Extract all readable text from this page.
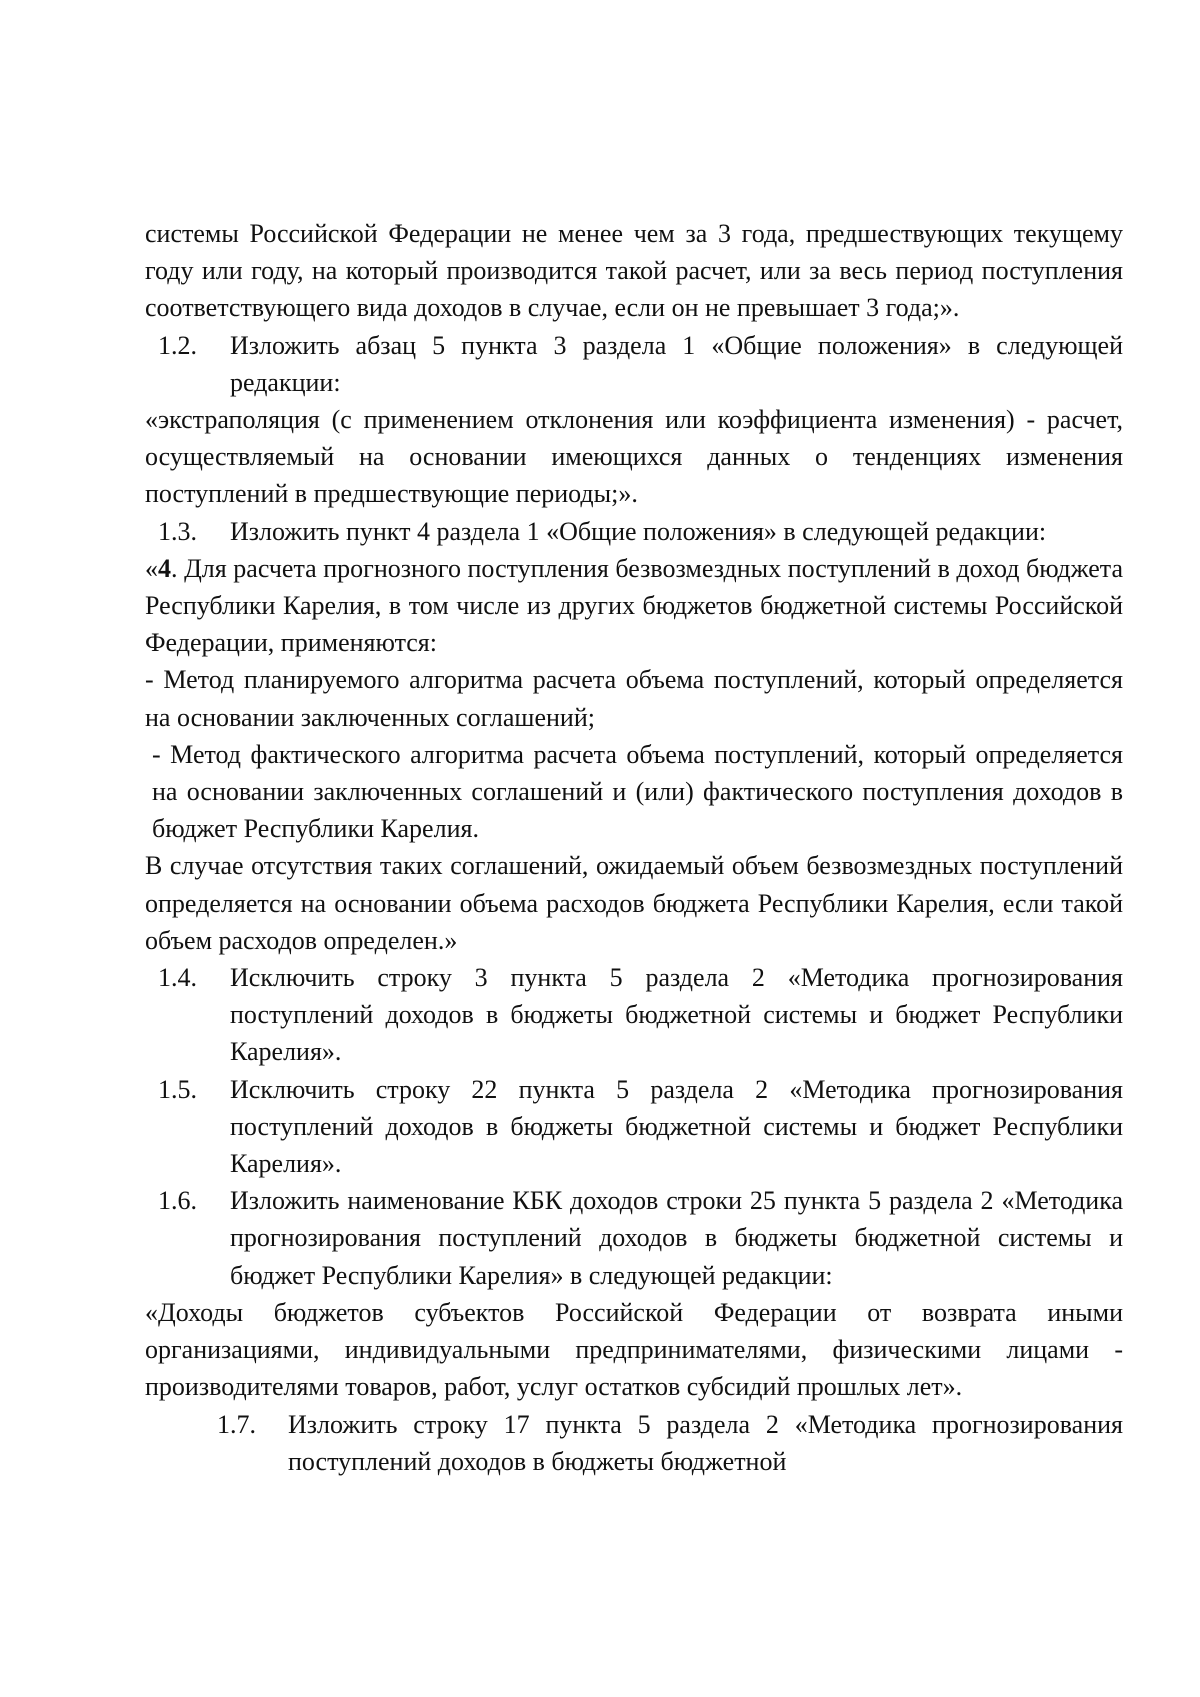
системы Российской Федерации не менее чем за 3 года, предшествующих текущему году или году, на который производится такой расчет, или за весь период поступления соответствующего вида доходов в случае, если он не превышает 3 года;».

1.2. Изложить абзац 5 пункта 3 раздела 1 «Общие положения» в следующей редакции:

«экстраполяция (с применением отклонения или коэффициента изменения) - расчет, осуществляемый на основании имеющихся данных о тенденциях изменения поступлений в предшествующие периоды;».

1.3. Изложить пункт 4 раздела 1 «Общие положения» в следующей редакции:

«4. Для расчета прогнозного поступления безвозмездных поступлений в доход бюджета Республики Карелия, в том числе из других бюджетов бюджетной системы Российской Федерации, применяются:

- Метод планируемого алгоритма расчета объема поступлений, который определяется на основании заключенных соглашений;

- Метод фактического алгоритма расчета объема поступлений, который определяется на основании заключенных соглашений и (или) фактического поступления доходов в бюджет Республики Карелия.

В случае отсутствия таких соглашений, ожидаемый объем безвозмездных поступлений определяется на основании объема расходов бюджета Республики Карелия, если такой объем расходов определен.»

1.4. Исключить строку 3 пункта 5 раздела 2 «Методика прогнозирования поступлений доходов в бюджеты бюджетной системы и бюджет Республики Карелия».
1.5. Исключить строку 22 пункта 5 раздела 2 «Методика прогнозирования поступлений доходов в бюджеты бюджетной системы и бюджет Республики Карелия».
1.6. Изложить наименование КБК доходов строки 25 пункта 5 раздела 2 «Методика прогнозирования поступлений доходов в бюджеты бюджетной системы и бюджет Республики Карелия» в следующей редакции:

«Доходы бюджетов субъектов Российской Федерации от возврата иными организациями, индивидуальными предпринимателями, физическими лицами - производителями товаров, работ, услуг остатков субсидий прошлых лет».

1.7. Изложить строку 17 пункта 5 раздела 2 «Методика прогнозирования поступлений доходов в бюджеты бюджетной
